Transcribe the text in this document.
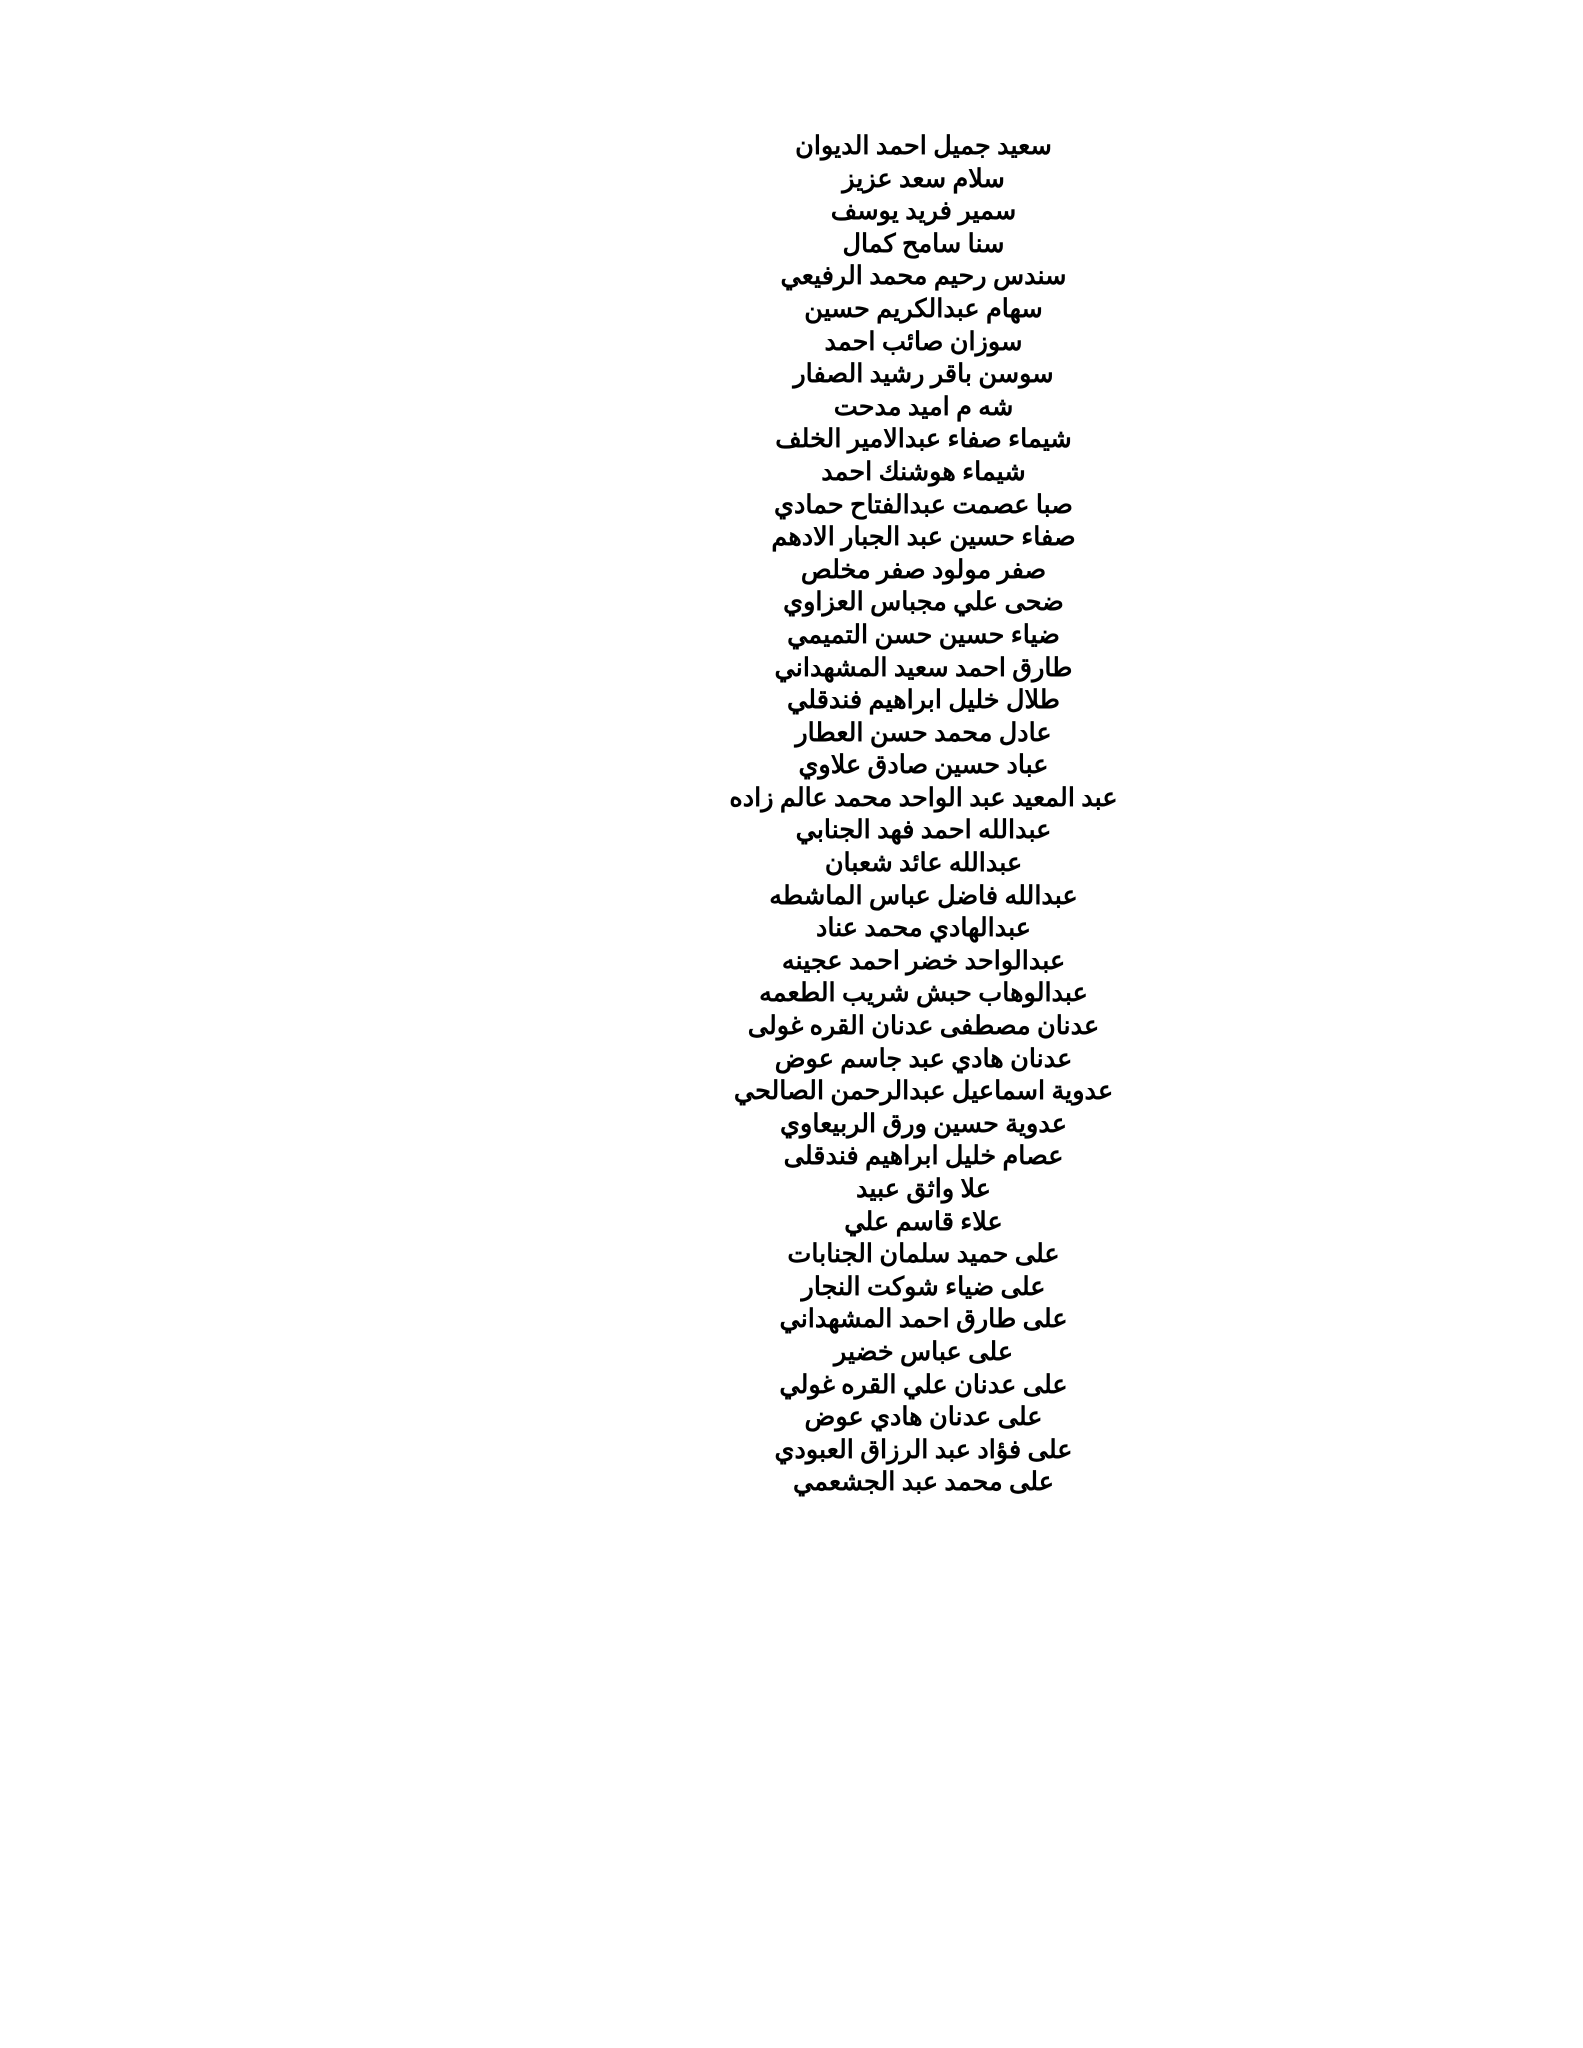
سعيد جميل احمد الديوان
سلام سعد عزيز
سمير فريد يوسف
سنا سامح كمال
سندس رحيم محمد الرفيعي
سهام عبدالكريم حسين
سوزان صائب احمد
سوسن باقر رشيد الصفار
شه م اميد مدحت
شيماء صفاء عبدالامير الخلف
شيماء هوشنك احمد
صبا عصمت عبدالفتاح حمادي
صفاء حسين عبد الجبار الادهم
صفر مولود صفر مخلص
ضحى علي مجباس العزاوي
ضياء حسين حسن التميمي
طارق احمد سعيد المشهداني
طلال خليل ابراهيم فندقلي
عادل محمد حسن العطار
عباد حسين صادق علاوي
عبد المعيد عبد الواحد محمد عالم زاده
عبدالله احمد فهد الجنابي
عبدالله عائد شعبان
عبدالله فاضل عباس الماشطه
عبدالهادي محمد عناد
عبدالواحد خضر احمد عجينه
عبدالوهاب حبش شريب الطعمه
عدنان مصطفى عدنان القره غولى
عدنان هادي عبد جاسم عوض
عدوية اسماعيل عبدالرحمن الصالحي
عدوية حسين ورق الربيعاوي
عصام خليل ابراهيم فندقلى
علا واثق عبيد
علاء قاسم علي
على حميد سلمان الجنابات
على ضياء شوكت النجار
على طارق احمد المشهداني
على عباس خضير
على عدنان علي القره غولي
على عدنان هادي عوض
على فؤاد عبد الرزاق العبودي
على محمد عبد الجشعمي
